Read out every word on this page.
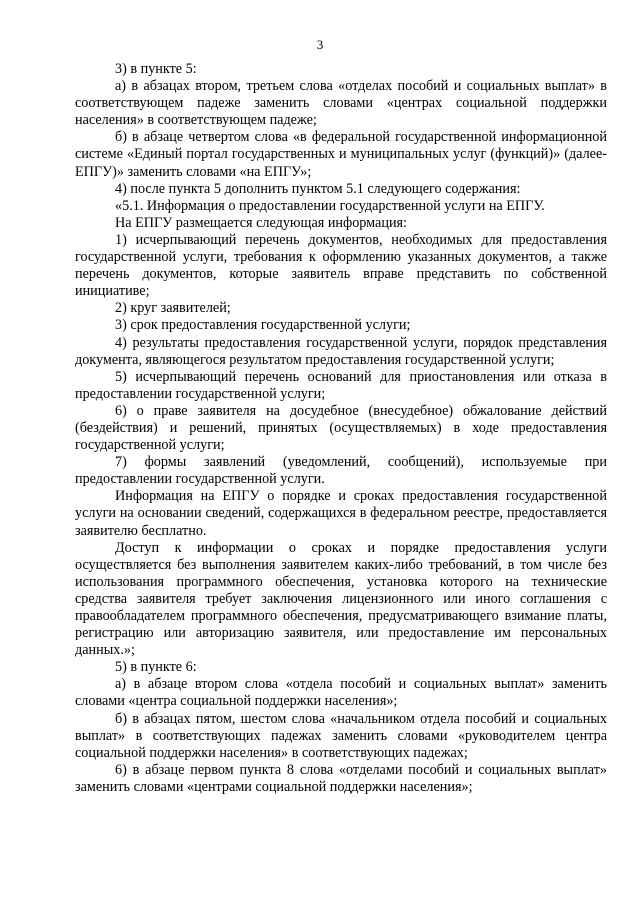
3

3) в пункте 5:

а) в абзацах втором, третьем слова «отделах пособий и социальных выплат» в соответствующем падеже заменить словами «центрах социальной поддержки населения» в соответствующем падеже;

б) в абзаце четвертом слова «в федеральной государственной информационной системе «Единый портал государственных и муниципальных услуг (функций)» (далее-ЕПГУ)» заменить словами «на ЕПГУ»;

4) после пункта 5 дополнить пунктом 5.1 следующего содержания:

«5.1. Информация о предоставлении государственной услуги на ЕПГУ.

На ЕПГУ размещается следующая информация:

1) исчерпывающий перечень документов, необходимых для предоставления государственной услуги, требования к оформлению указанных документов, а также перечень документов, которые заявитель вправе представить по собственной инициативе;

2) круг заявителей;

3) срок предоставления государственной услуги;

4) результаты предоставления государственной услуги, порядок представления документа, являющегося результатом предоставления государственной услуги;

5) исчерпывающий перечень оснований для приостановления или отказа в предоставлении государственной услуги;

6) о праве заявителя на досудебное (внесудебное) обжалование действий (бездействия) и решений, принятых (осуществляемых) в ходе предоставления государственной услуги;

7) формы заявлений (уведомлений, сообщений), используемые при предоставлении государственной услуги.

Информация на ЕПГУ о порядке и сроках предоставления государственной услуги на основании сведений, содержащихся в федеральном реестре, предоставляется заявителю бесплатно.

Доступ к информации о сроках и порядке предоставления услуги осуществляется без выполнения заявителем каких-либо требований, в том числе без использования программного обеспечения, установка которого на технические средства заявителя требует заключения лицензионного или иного соглашения с правообладателем программного обеспечения, предусматривающего взимание платы, регистрацию или авторизацию заявителя, или предоставление им персональных данных.»;

5) в пункте 6:

а) в абзаце втором слова «отдела пособий и социальных выплат» заменить словами «центра социальной поддержки населения»;

б) в абзацах пятом, шестом слова «начальником отдела пособий и социальных выплат» в соответствующих падежах заменить словами «руководителем центра социальной поддержки населения» в соответствующих падежах;

6) в абзаце первом пункта 8 слова «отделами пособий и социальных выплат» заменить словами «центрами социальной поддержки населения»;
